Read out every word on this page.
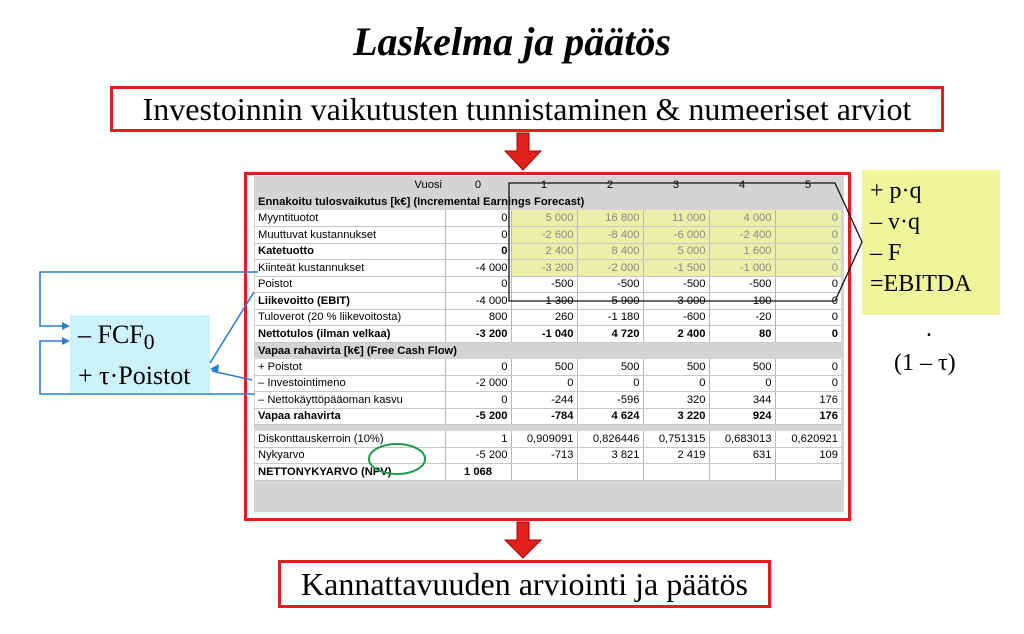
Laskelma ja päätös
Investoinnin vaikutusten tunnistaminen & numeeriset arviot
Vuosi	0	1	2	3	4	5
Ennakoitu tulosvaikutus [k€] (Incremental Earnings Forecast)						
Myyntituotot	0	5 000	16 800	11 000	4 000	0
Muuttuvat kustannukset	0	-2 600	-8 400	-6 000	-2 400	0
Katetuotto	0	2 400	8 400	5 000	1 600	0
Kiinteät kustannukset	-4 000	-3 200	-2 000	-1 500	-1 000	0
Poistot	0	-500	-500	-500	-500	0
Liikevoitto (EBIT)	-4 000	-1 300	5 900	3 000	100	0
Tuloverot (20 % liikevoitosta)	800	260	-1 180	-600	-20	0
Nettotulos (ilman velkaa)	-3 200	-1 040	4 720	2 400	80	0
Vapaa rahavirta [k€] (Free Cash Flow)						
+ Poistot	0	500	500	500	500	0
– Investointimeno	-2 000	0	0	0	0	0
– Nettokäyttöpääoman kasvu	0	-244	-596	320	344	176
Vapaa rahavirta	-5 200	-784	4 624	3 220	924	176

Diskonttauskerroin (10%)	1	0,909091	0,826446	0,751315	0,683013	0,620921
Nykyarvo	-5 200	-713	3 821	2 419	631	109
NETTONYKYARVO (NPV)	1 068					
– $FCF_0$
+ τ·Poistot
+ p·q
– v·q
– F
=EBITDA
.
(1 – τ)
Kannattavuuden arviointi ja päätös
